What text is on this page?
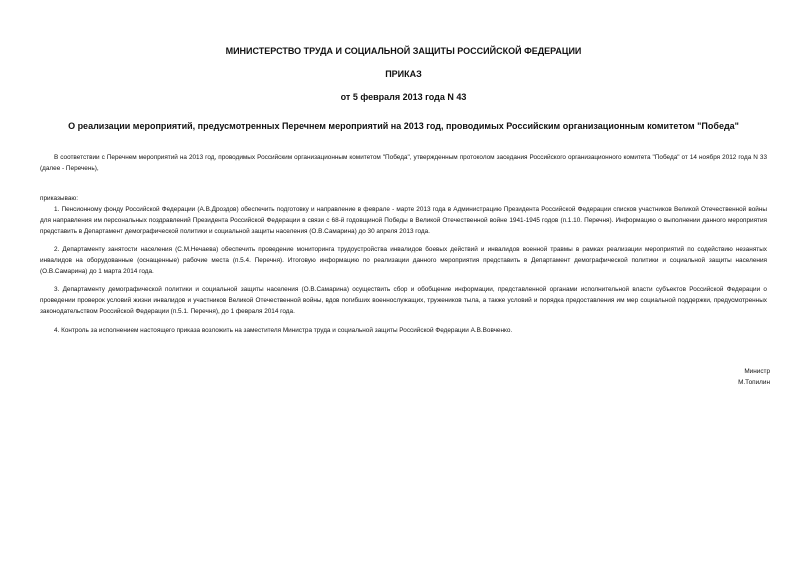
МИНИСТЕРСТВО ТРУДА И СОЦИАЛЬНОЙ ЗАЩИТЫ РОССИЙСКОЙ ФЕДЕРАЦИИ
ПРИКАЗ
от 5 февраля 2013 года N 43
О реализации мероприятий, предусмотренных Перечнем мероприятий на 2013 год, проводимых Российским организационным комитетом "Победа"
В соответствии с Перечнем мероприятий на 2013 год, проводимых Российским организационным комитетом "Победа", утвержденным протоколом заседания Российского организационного комитета "Победа" от 14 ноября 2012 года N 33 (далее - Перечень),
приказываю:
1. Пенсионному фонду Российской Федерации (А.В.Дроздов) обеспечить подготовку и направление в феврале - марте 2013 года в Администрацию Президента Российской Федерации списков участников Великой Отечественной войны для направления им персональных поздравлений Президента Российской Федерации в связи с 68-й годовщиной Победы в Великой Отечественной войне 1941-1945 годов (п.1.10. Перечня). Информацию о выполнении данного мероприятия представить в Департамент демографической политики и социальной защиты населения (О.В.Самарина) до 30 апреля 2013 года.
2. Департаменту занятости населения (С.М.Нечаева) обеспечить проведение мониторинга трудоустройства инвалидов боевых действий и инвалидов военной травмы в рамках реализации мероприятий по содействию незанятых инвалидов на оборудованные (оснащенные) рабочие места (п.5.4. Перечня). Итоговую информацию по реализации данного мероприятия представить в Департамент демографической политики и социальной защиты населения (О.В.Самарина) до 1 марта 2014 года.
3. Департаменту демографической политики и социальной защиты населения (О.В.Самарина) осуществить сбор и обобщение информации, представленной органами исполнительной власти субъектов Российской Федерации о проведении проверок условий жизни инвалидов и участников Великой Отечественной войны, вдов погибших военнослужащих, тружеников тыла, а также условий и порядка предоставления им мер социальной поддержки, предусмотренных законодательством Российской Федерации (п.5.1. Перечня), до 1 февраля 2014 года.
4. Контроль за исполнением настоящего приказа возложить на заместителя Министра труда и социальной защиты Российской Федерации А.В.Вовченко.
Министр
М.Топилин
